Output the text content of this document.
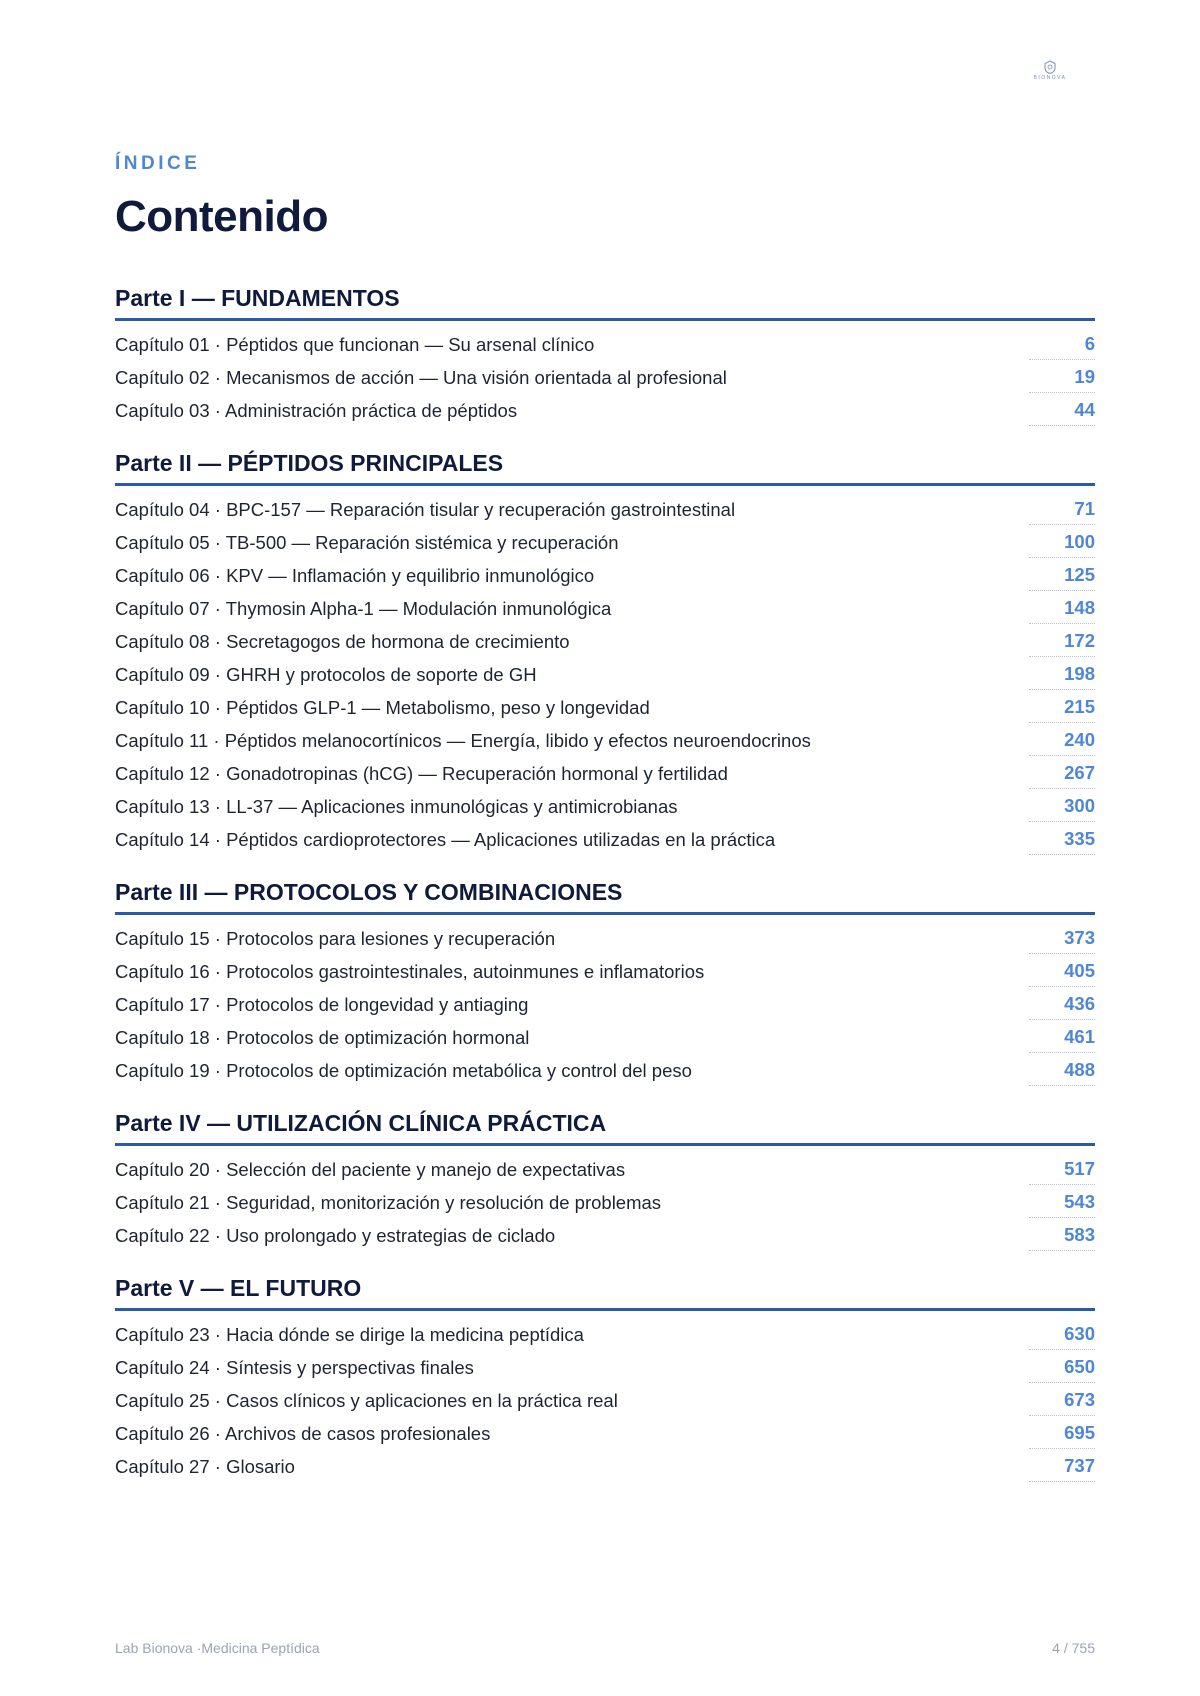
BIONOVA
ÍNDICE
Contenido
Parte I — FUNDAMENTOS
Capítulo 01 · Péptidos que funcionan — Su arsenal clínico	6
Capítulo 02 · Mecanismos de acción — Una visión orientada al profesional	19
Capítulo 03 · Administración práctica de péptidos	44
Parte II — PÉPTIDOS PRINCIPALES
Capítulo 04 · BPC-157 — Reparación tisular y recuperación gastrointestinal	71
Capítulo 05 · TB-500 — Reparación sistémica y recuperación	100
Capítulo 06 · KPV — Inflamación y equilibrio inmunológico	125
Capítulo 07 · Thymosin Alpha-1 — Modulación inmunológica	148
Capítulo 08 · Secretagogos de hormona de crecimiento	172
Capítulo 09 · GHRH y protocolos de soporte de GH	198
Capítulo 10 · Péptidos GLP-1 — Metabolismo, peso y longevidad	215
Capítulo 11 · Péptidos melanocortínicos — Energía, libido y efectos neuroendocrinos	240
Capítulo 12 · Gonadotropinas (hCG) — Recuperación hormonal y fertilidad	267
Capítulo 13 · LL-37 — Aplicaciones inmunológicas y antimicrobianas	300
Capítulo 14 · Péptidos cardioprotectores — Aplicaciones utilizadas en la práctica	335
Parte III — PROTOCOLOS Y COMBINACIONES
Capítulo 15 · Protocolos para lesiones y recuperación	373
Capítulo 16 · Protocolos gastrointestinales, autoinmunes e inflamatorios	405
Capítulo 17 · Protocolos de longevidad y antiaging	436
Capítulo 18 · Protocolos de optimización hormonal	461
Capítulo 19 · Protocolos de optimización metabólica y control del peso	488
Parte IV — UTILIZACIÓN CLÍNICA PRÁCTICA
Capítulo 20 · Selección del paciente y manejo de expectativas	517
Capítulo 21 · Seguridad, monitorización y resolución de problemas	543
Capítulo 22 · Uso prolongado y estrategias de ciclado	583
Parte V — EL FUTURO
Capítulo 23 · Hacia dónde se dirige la medicina peptídica	630
Capítulo 24 · Síntesis y perspectivas finales	650
Capítulo 25 · Casos clínicos y aplicaciones en la práctica real	673
Capítulo 26 · Archivos de casos profesionales	695
Capítulo 27 · Glosario	737
Lab Bionova ·Medicina Peptídica	4 / 755
